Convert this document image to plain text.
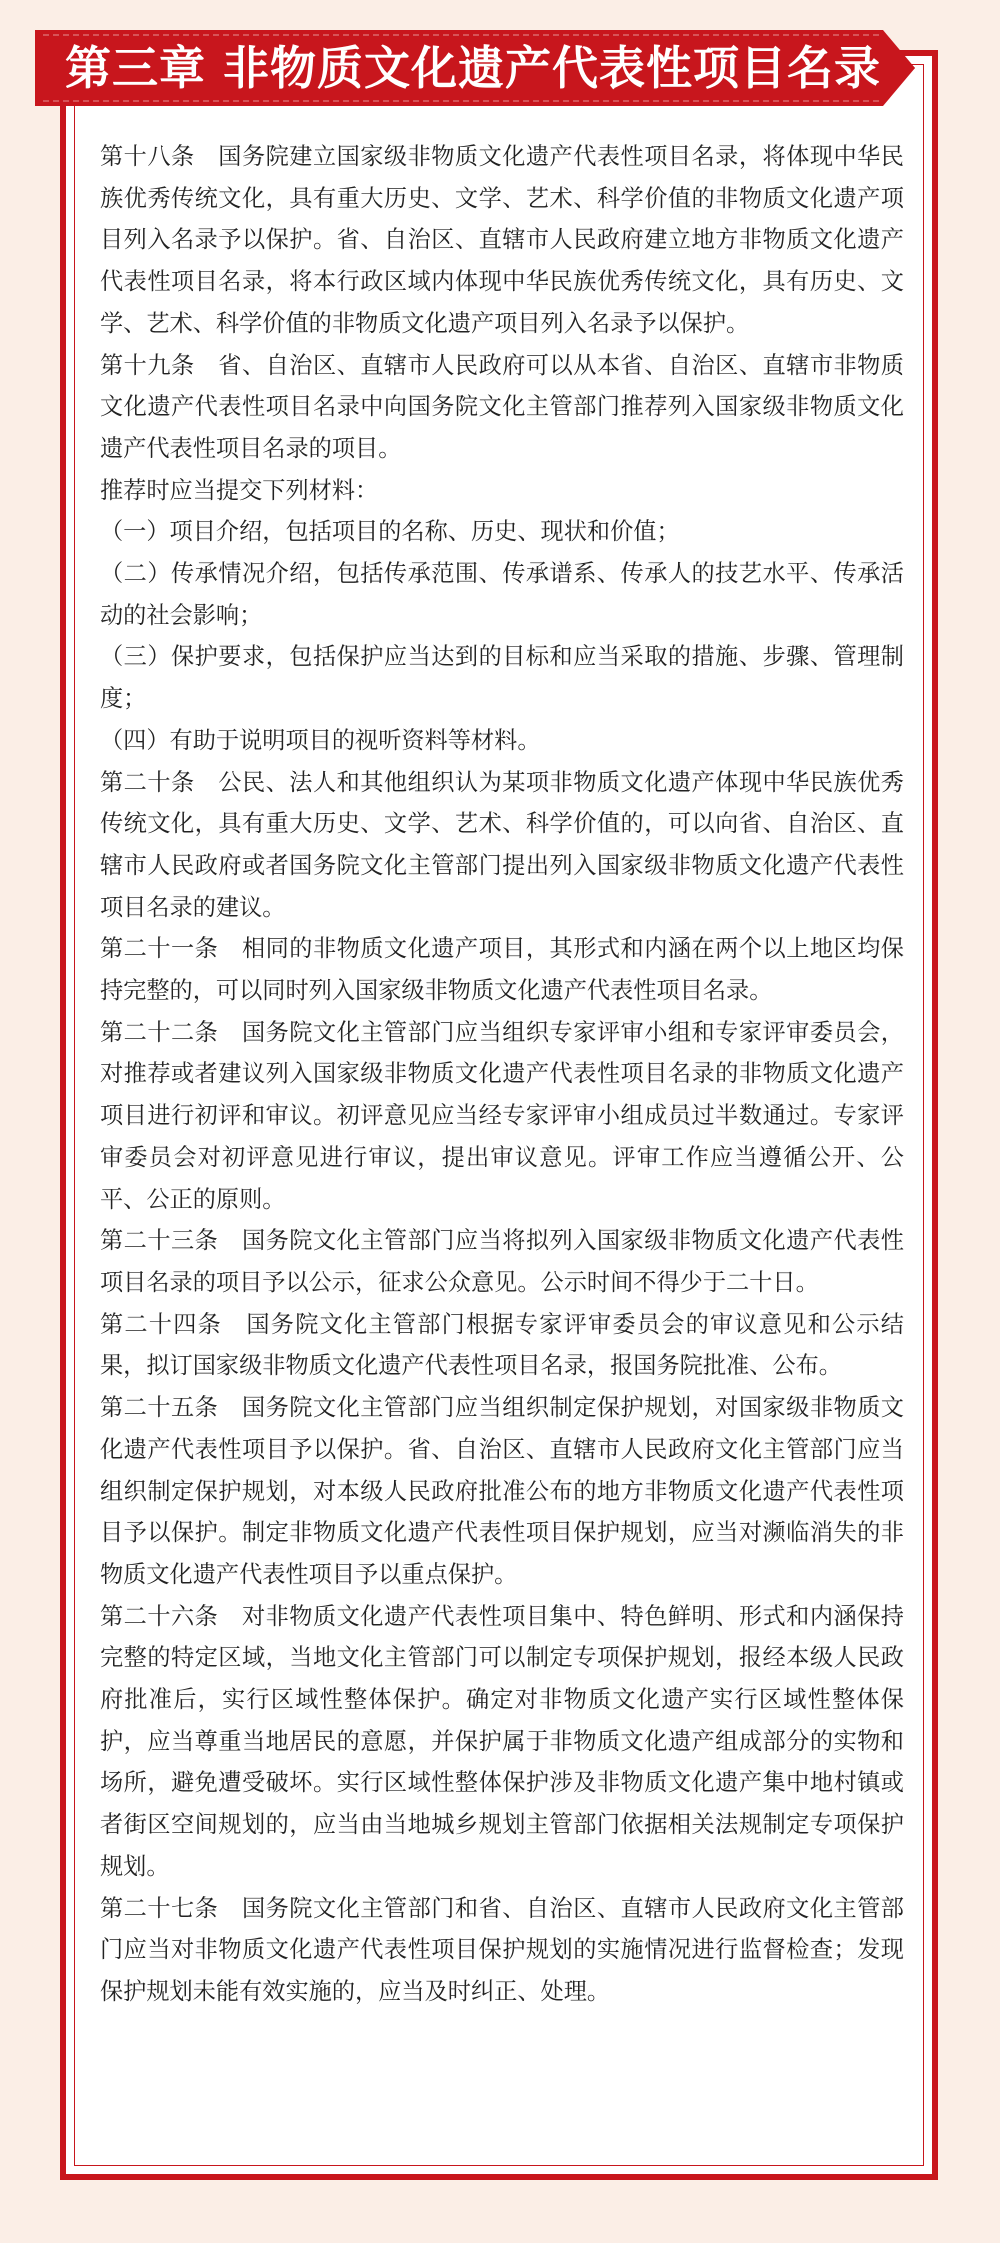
第三章 非物质文化遗产代表性项目名录

第十八条　国务院建立国家级非物质文化遗产代表性项目名录，将体现中华民族优秀传统文化，具有重大历史、文学、艺术、科学价值的非物质文化遗产项目列入名录予以保护。省、自治区、直辖市人民政府建立地方非物质文化遗产代表性项目名录，将本行政区域内体现中华民族优秀传统文化，具有历史、文学、艺术、科学价值的非物质文化遗产项目列入名录予以保护。

第十九条　省、自治区、直辖市人民政府可以从本省、自治区、直辖市非物质文化遗产代表性项目名录中向国务院文化主管部门推荐列入国家级非物质文化遗产代表性项目名录的项目。

推荐时应当提交下列材料：

（一）项目介绍，包括项目的名称、历史、现状和价值；

（二）传承情况介绍，包括传承范围、传承谱系、传承人的技艺水平、传承活动的社会影响；

（三）保护要求，包括保护应当达到的目标和应当采取的措施、步骤、管理制度；

（四）有助于说明项目的视听资料等材料。

第二十条　公民、法人和其他组织认为某项非物质文化遗产体现中华民族优秀传统文化，具有重大历史、文学、艺术、科学价值的，可以向省、自治区、直辖市人民政府或者国务院文化主管部门提出列入国家级非物质文化遗产代表性项目名录的建议。

第二十一条　相同的非物质文化遗产项目，其形式和内涵在两个以上地区均保持完整的，可以同时列入国家级非物质文化遗产代表性项目名录。

第二十二条　国务院文化主管部门应当组织专家评审小组和专家评审委员会，对推荐或者建议列入国家级非物质文化遗产代表性项目名录的非物质文化遗产项目进行初评和审议。初评意见应当经专家评审小组成员过半数通过。专家评审委员会对初评意见进行审议，提出审议意见。评审工作应当遵循公开、公平、公正的原则。

第二十三条　国务院文化主管部门应当将拟列入国家级非物质文化遗产代表性项目名录的项目予以公示，征求公众意见。公示时间不得少于二十日。

第二十四条　国务院文化主管部门根据专家评审委员会的审议意见和公示结果，拟订国家级非物质文化遗产代表性项目名录，报国务院批准、公布。

第二十五条　国务院文化主管部门应当组织制定保护规划，对国家级非物质文化遗产代表性项目予以保护。省、自治区、直辖市人民政府文化主管部门应当组织制定保护规划，对本级人民政府批准公布的地方非物质文化遗产代表性项目予以保护。制定非物质文化遗产代表性项目保护规划，应当对濒临消失的非物质文化遗产代表性项目予以重点保护。

第二十六条　对非物质文化遗产代表性项目集中、特色鲜明、形式和内涵保持完整的特定区域，当地文化主管部门可以制定专项保护规划，报经本级人民政府批准后，实行区域性整体保护。确定对非物质文化遗产实行区域性整体保护，应当尊重当地居民的意愿，并保护属于非物质文化遗产组成部分的实物和场所，避免遭受破坏。实行区域性整体保护涉及非物质文化遗产集中地村镇或者街区空间规划的，应当由当地城乡规划主管部门依据相关法规制定专项保护规划。

第二十七条　国务院文化主管部门和省、自治区、直辖市人民政府文化主管部门应当对非物质文化遗产代表性项目保护规划的实施情况进行监督检查；发现保护规划未能有效实施的，应当及时纠正、处理。
